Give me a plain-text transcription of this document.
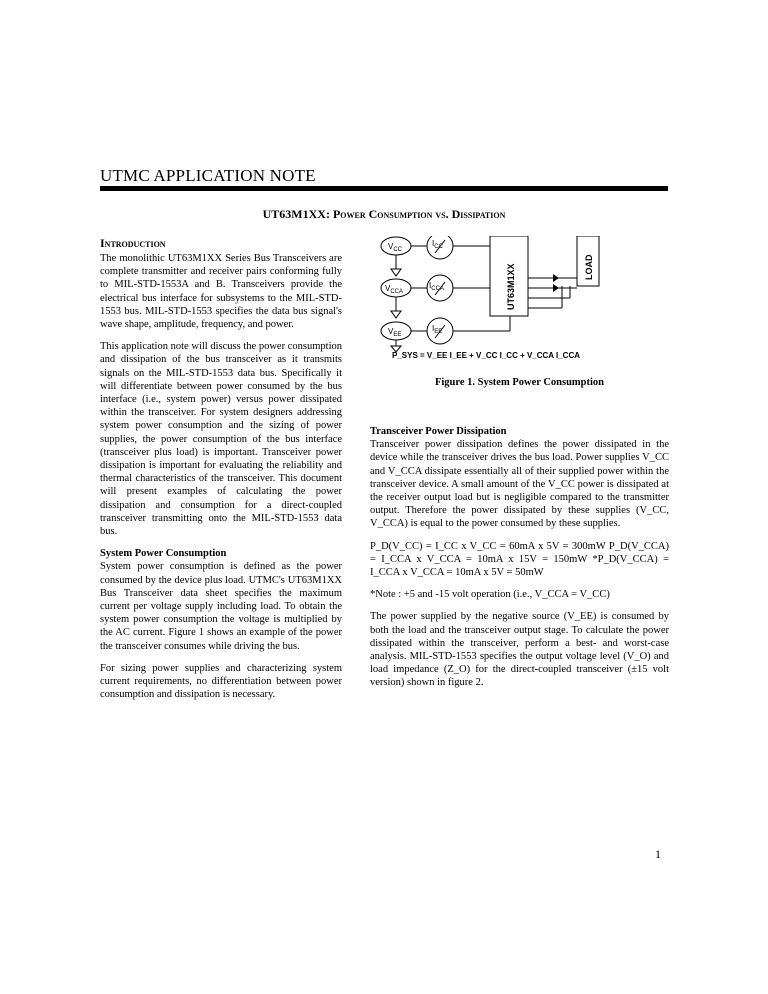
UTMC APPLICATION NOTE
UT63M1XX: Power Consumption vs. Dissipation
Introduction

The monolithic UT63M1XX Series Bus Transceivers are complete transmitter and receiver pairs conforming fully to MIL-STD-1553A and B. Transceivers provide the electrical bus interface for subsystems to the MIL-STD-1553 bus. MIL-STD-1553 specifies the data bus signal's wave shape, amplitude, frequency, and power.

This application note will discuss the power consumption and dissipation of the bus transceiver as it transmits signals on the MIL-STD-1553 data bus. Specifically it will differentiate between power consumed by the bus interface (i.e., system power) versus power dissipated within the transceiver. For system designers addressing system power consumption and the sizing of power supplies, the power consumption of the bus interface (transceiver plus load) is important. Transceiver power dissipation is important for evaluating the reliability and thermal characteristics of the transceiver. This document will present examples of calculating the power dissipation and consumption for a direct-coupled transceiver transmitting onto the MIL-STD-1553 data bus.

System Power Consumption
System power consumption is defined as the power consumed by the device plus load. UTMC's UT63M1XX Bus Transceiver data sheet specifies the maximum current per voltage supply including load. To obtain the system power consumption the voltage is multiplied by the AC current. Figure 1 shows an example of the power the transceiver consumes while driving the bus.

For sizing power supplies and characterizing system current requirements, no differentiation between power consumption and dissipation is necessary.

$V_{CC}$
$V_{CCA}$
$V_{EE}$
$I_{CC}$
$I_{CCA}$
$I_{EE}$
UT63M1XX	LOAD
P_SYS = V_EE I_EE + V_CC I_CC + V_CCA I_CCA
Figure 1. System Power Consumption

Transceiver Power Dissipation
Transceiver power dissipation defines the power dissipated in the device while the transceiver drives the bus load. Power supplies V_CC and V_CCA dissipate essentially all of their supplied power within the transceiver device. A small amount of the V_CC power is dissipated at the receiver output load but is negligible compared to the transmitter output. Therefore the power dissipated by these supplies (V_CC, V_CCA) is equal to the power consumed by these supplies.

P_D(V_CC) = I_CC x V_CC = 60mA x 5V = 300mW P_D(V_CCA) = I_CCA x V_CCA = 10mA x 15V = 150mW *P_D(V_CCA) = I_CCA x V_CCA = 10mA x 5V = 50mW

*Note : +5 and -15 volt operation (i.e., V_CCA = V_CC)

The power supplied by the negative source (V_EE) is consumed by both the load and the transceiver output stage. To calculate the power dissipated within the transceiver, perform a best- and worst-case analysis. MIL-STD-1553 specifies the output voltage level (V_O) and load impedance (Z_O) for the direct-coupled transceiver (±15 volt version) shown in figure 2.

1
